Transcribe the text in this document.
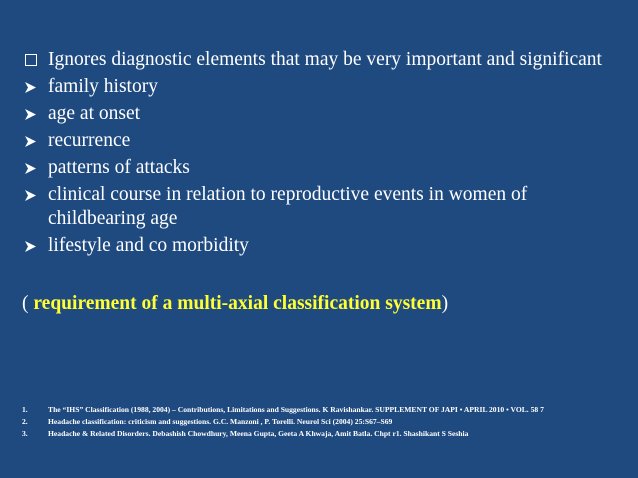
Ignores diagnostic elements that may be very important and significant
family history
age at onset
recurrence
patterns of attacks
clinical course in relation to reproductive events in women of childbearing age
lifestyle and co morbidity
( requirement of a multi-axial classification system)
1.	The “IHS” Classification (1988, 2004) – Contributions, Limitations and Suggestions. K Ravishankar. SUPPLEMENT OF JAPI • APRIL 2010 • VOL. 58 7
2.	Headache classification: criticism and suggestions. G.C. Manzoni , P. Torelli. Neurol Sci (2004) 25:S67–S69
3.	Headache & Related Disorders. Debashish Chowdhury, Meena Gupta, Geeta A Khwaja, Amit Batla. Chpt r1. Shashikant S Seshia
